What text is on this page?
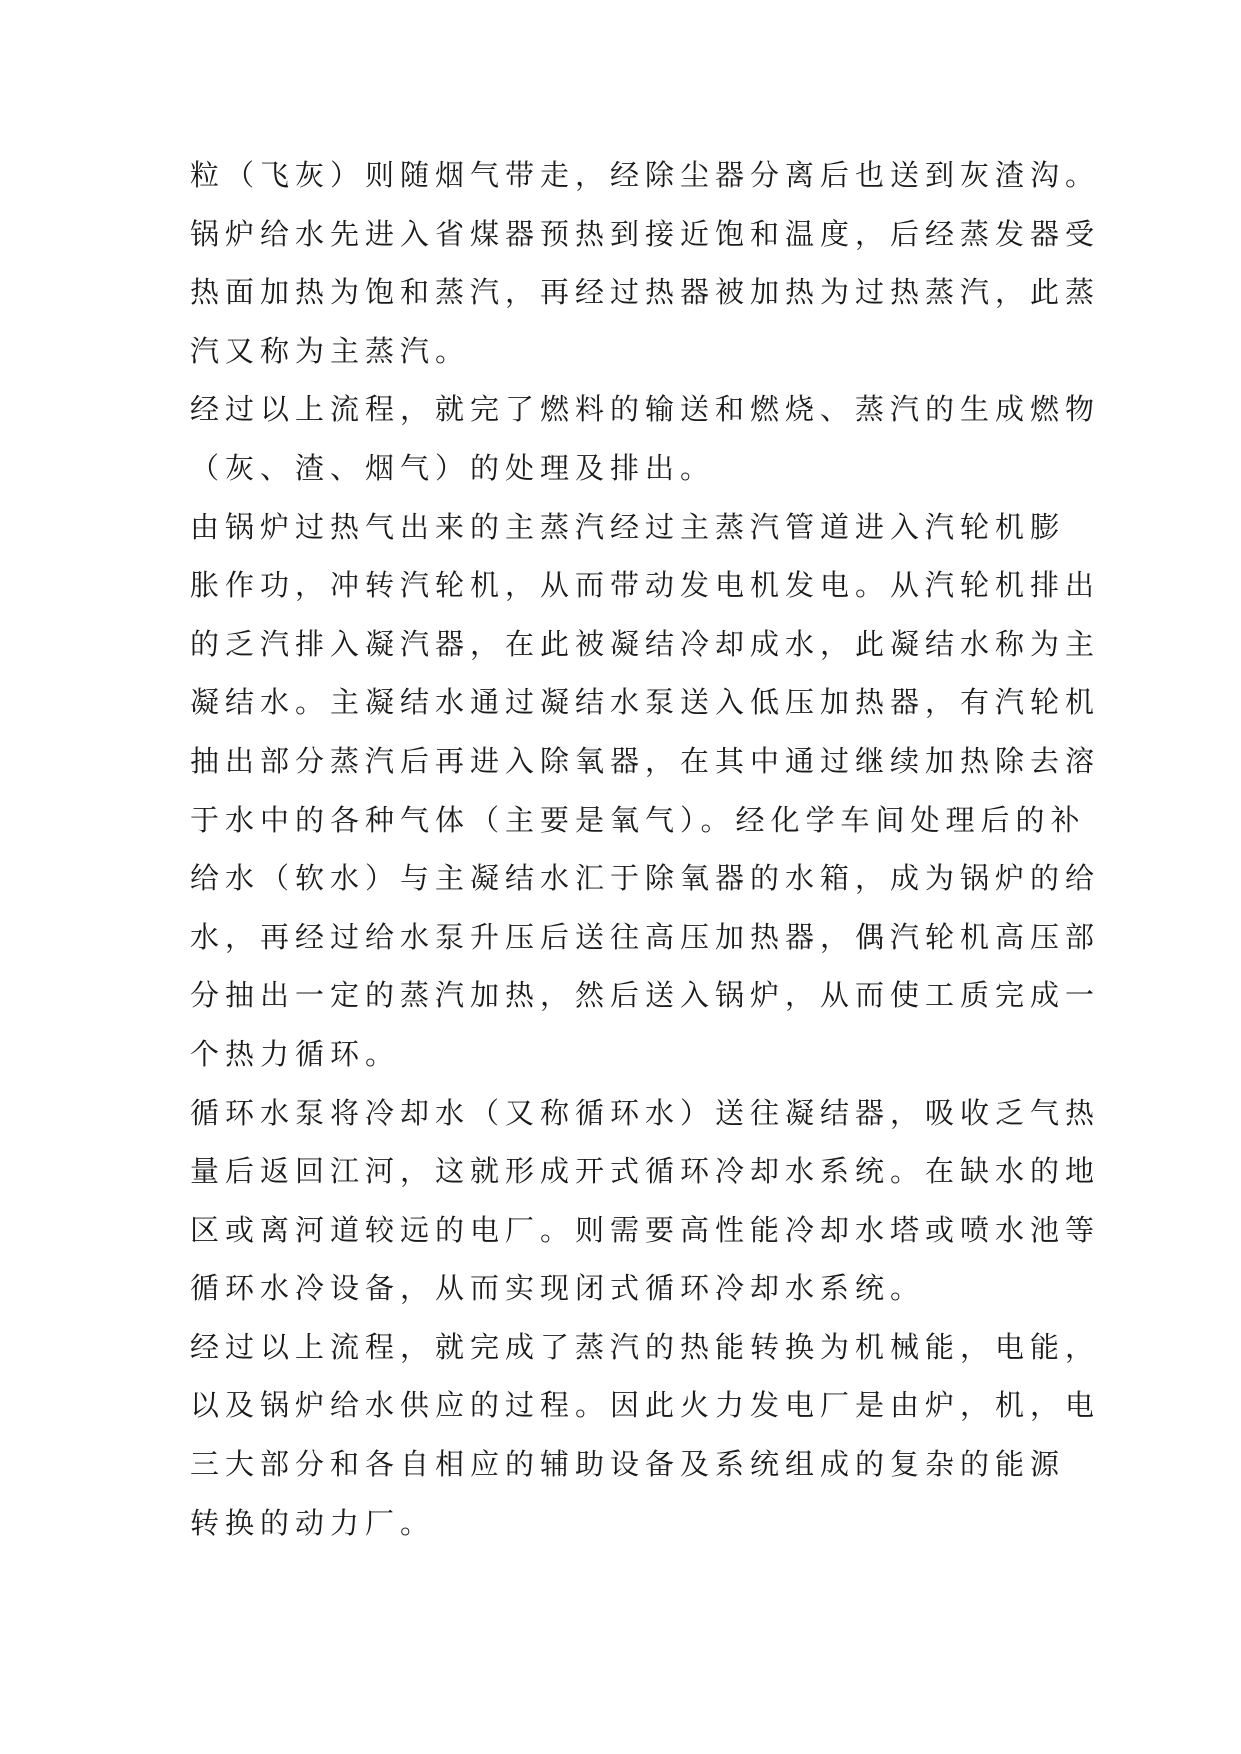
粒（飞灰）则随烟气带走，经除尘器分离后也送到灰渣沟。
锅炉给水先进入省煤器预热到接近饱和温度，后经蒸发器受
热面加热为饱和蒸汽，再经过热器被加热为过热蒸汽，此蒸
汽又称为主蒸汽。

经过以上流程，就完了燃料的输送和燃烧、蒸汽的生成燃物
（灰、渣、烟气）的处理及排出。

由锅炉过热气出来的主蒸汽经过主蒸汽管道进入汽轮机膨
胀作功，冲转汽轮机，从而带动发电机发电。从汽轮机排出
的乏汽排入凝汽器，在此被凝结冷却成水，此凝结水称为主
凝结水。主凝结水通过凝结水泵送入低压加热器，有汽轮机
抽出部分蒸汽后再进入除氧器，在其中通过继续加热除去溶
于水中的各种气体（主要是氧气）。经化学车间处理后的补
给水（软水）与主凝结水汇于除氧器的水箱，成为锅炉的给
水，再经过给水泵升压后送往高压加热器，偶汽轮机高压部
分抽出一定的蒸汽加热，然后送入锅炉，从而使工质完成一
个热力循环。

循环水泵将冷却水（又称循环水）送往凝结器，吸收乏气热
量后返回江河，这就形成开式循环冷却水系统。在缺水的地
区或离河道较远的电厂。则需要高性能冷却水塔或喷水池等
循环水冷设备，从而实现闭式循环冷却水系统。

经过以上流程，就完成了蒸汽的热能转换为机械能，电能，
以及锅炉给水供应的过程。因此火力发电厂是由炉，机，电
三大部分和各自相应的辅助设备及系统组成的复杂的能源
转换的动力厂。
